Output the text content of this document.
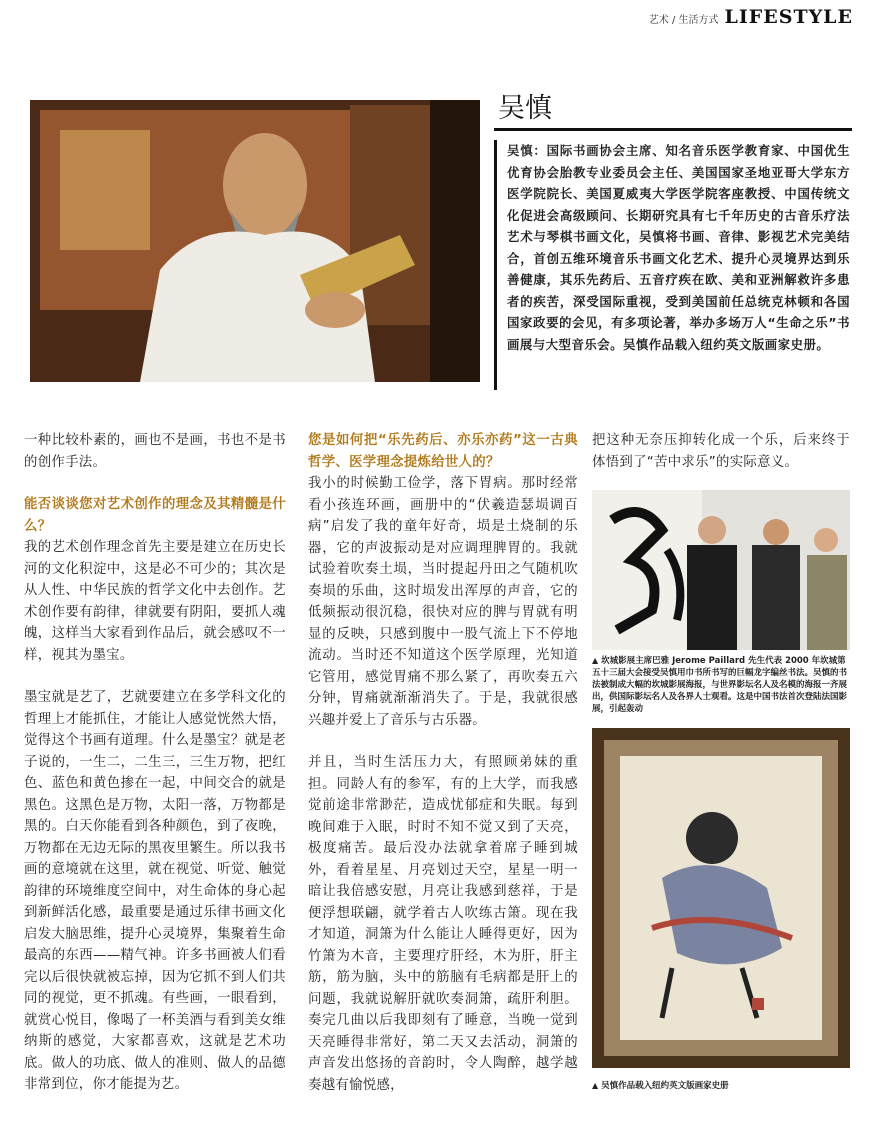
艺术 / 生活方式 LIFESTYLE
吴慎
吴慎：国际书画协会主席、知名音乐医学教育家、中国优生优育协会胎教专业委员会主任、美国国家圣地亚哥大学东方医学院院长、美国夏威夷大学医学院客座教授、中国传统文化促进会高级顾问、长期研究具有七千年历史的古音乐疗法艺术与琴棋书画文化，吴慎将书画、音律、影视艺术完美结合，首创五维环境音乐书画文化艺术、提升心灵境界达到乐善健康，其乐先药后、五音疗疾在欧、美和亚洲解救许多患者的疾苦，深受国际重视，受到美国前任总统克林顿和各国国家政要的会见，有多项论著，举办多场万人“生命之乐”书画展与大型音乐会。吴慎作品载入纽约英文版画家史册。

一种比较朴素的，画也不是画，书也不是书的创作手法。

能否谈谈您对艺术创作的理念及其精髓是什么？

我的艺术创作理念首先主要是建立在历史长河的文化积淀中，这是必不可少的；其次是从人性、中华民族的哲学文化中去创作。艺术创作要有韵律，律就要有阴阳，要抓人魂魄，这样当大家看到作品后，就会感叹不一样，视其为墨宝。

墨宝就是艺了，艺就要建立在多学科文化的哲理上才能抓住，才能让人感觉恍然大悟，觉得这个书画有道理。什么是墨宝？就是老子说的，一生二，二生三，三生万物，把红色、蓝色和黄色掺在一起，中间交合的就是黑色。这黑色是万物，太阳一落，万物都是黑的。白天你能看到各种颜色，到了夜晚，万物都在无边无际的黑夜里繁生。所以我书画的意境就在这里，就在视觉、听觉、触觉韵律的环境维度空间中，对生命体的身心起到新鲜活化感，最重要是通过乐律书画文化启发大脑思维，提升心灵境界，集聚着生命最高的东西——精气神。许多书画被人们看完以后很快就被忘掉，因为它抓不到人们共同的视觉，更不抓魂。有些画，一眼看到，就赏心悦目，像喝了一杯美酒与看到美女维纳斯的感觉，大家都喜欢，这就是艺术功底。做人的功底、做人的准则、做人的品德非常到位，你才能提为艺。

您是如何把“乐先药后、亦乐亦药”这一古典哲学、医学理念提炼给世人的？

我小的时候勤工俭学，落下胃病。那时经常看小孩连环画，画册中的“伏羲造瑟埙调百病”启发了我的童年好奇，埙是土烧制的乐器，它的声波振动是对应调理脾胃的。我就试验着吹奏土埙，当时提起丹田之气随机吹奏埙的乐曲，这时埙发出浑厚的声音，它的低频振动很沉稳，很快对应的脾与胃就有明显的反映，只感到腹中一股气流上下不停地流动。当时还不知道这个医学原理，光知道它管用，感觉胃痛不那么紧了，再吹奏五六分钟，胃痛就渐渐消失了。于是，我就很感兴趣并爱上了音乐与古乐器。

并且，当时生活压力大，有照顾弟妹的重担。同龄人有的参军，有的上大学，而我感觉前途非常渺茫，造成忧郁症和失眠。每到晚间难于入眠，时时不知不觉又到了天亮，极度痛苦。最后没办法就拿着席子睡到城外，看着星星、月亮划过天空，星星一明一暗让我倍感安慰，月亮让我感到慈祥，于是便浮想联翩，就学着古人吹练古箫。现在我才知道，洞箫为什么能让人睡得更好，因为竹箫为木音，主要理疗肝经，木为肝，肝主筋，筋为脑，头中的筋脑有毛病都是肝上的问题，我就说解肝就吹奏洞箫，疏肝利胆。奏完几曲以后我即刻有了睡意，当晚一觉到天亮睡得非常好，第二天又去活动，洞箫的声音发出悠扬的音韵时，令人陶醉，越学越奏越有愉悦感，

把这种无奈压抑转化成一个乐，后来终于体悟到了“苦中求乐”的实际意义。

▲ 坎城影展主席巴雅 Jerome Paillard 先生代表 2000 年坎城第五十三届大会接受吴慎用巾书所书写的巨幅龙字编丝书法。吴慎的书法被制成大幅的坎城影展海报，与世界影坛名人及名模的海报一齐展出，供国际影坛名人及各界人士观看。这是中国书法首次登陆法国影展，引起轰动
▲ 吴慎作品载入纽约英文版画家史册
